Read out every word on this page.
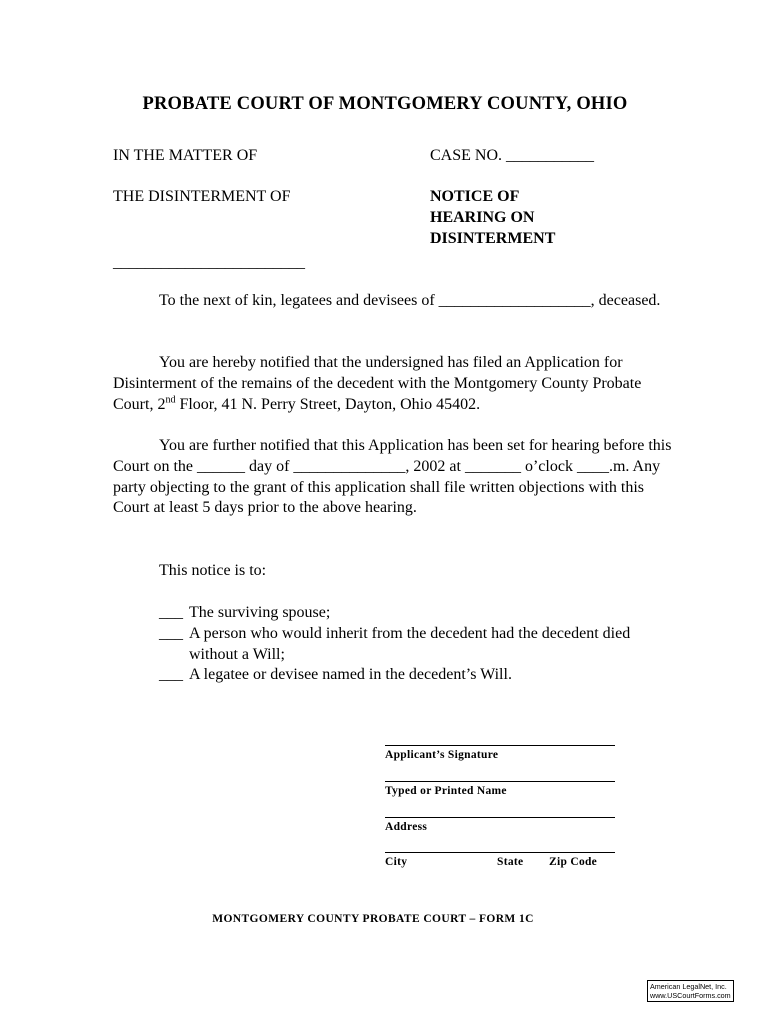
PROBATE COURT OF MONTGOMERY COUNTY, OHIO
IN THE MATTER OF	CASE NO. ___________
THE DISINTERMENT OF	NOTICE OF
HEARING ON
DISINTERMENT
________________________

To the next of kin, legatees and devisees of ___________________, deceased.

You are hereby notified that the undersigned has filed an Application for Disinterment of the remains of the decedent with the Montgomery County Probate Court, 2nd Floor, 41 N. Perry Street, Dayton, Ohio 45402.

You are further notified that this Application has been set for hearing before this Court on the ______ day of ______________, 2002 at _______ o’clock ____.m. Any party objecting to the grant of this application shall file written objections with this Court at least 5 days prior to the above hearing.

This notice is to:

___ The surviving spouse;
___ A person who would inherit from the decedent had the decedent died without a Will;
___ A legatee or devisee named in the decedent’s Will.
Applicant’s Signature
Typed or Printed Name
Address
City	State Zip Code
MONTGOMERY COUNTY PROBATE COURT – FORM 1C
American LegalNet, Inc.
www.USCourtForms.com
